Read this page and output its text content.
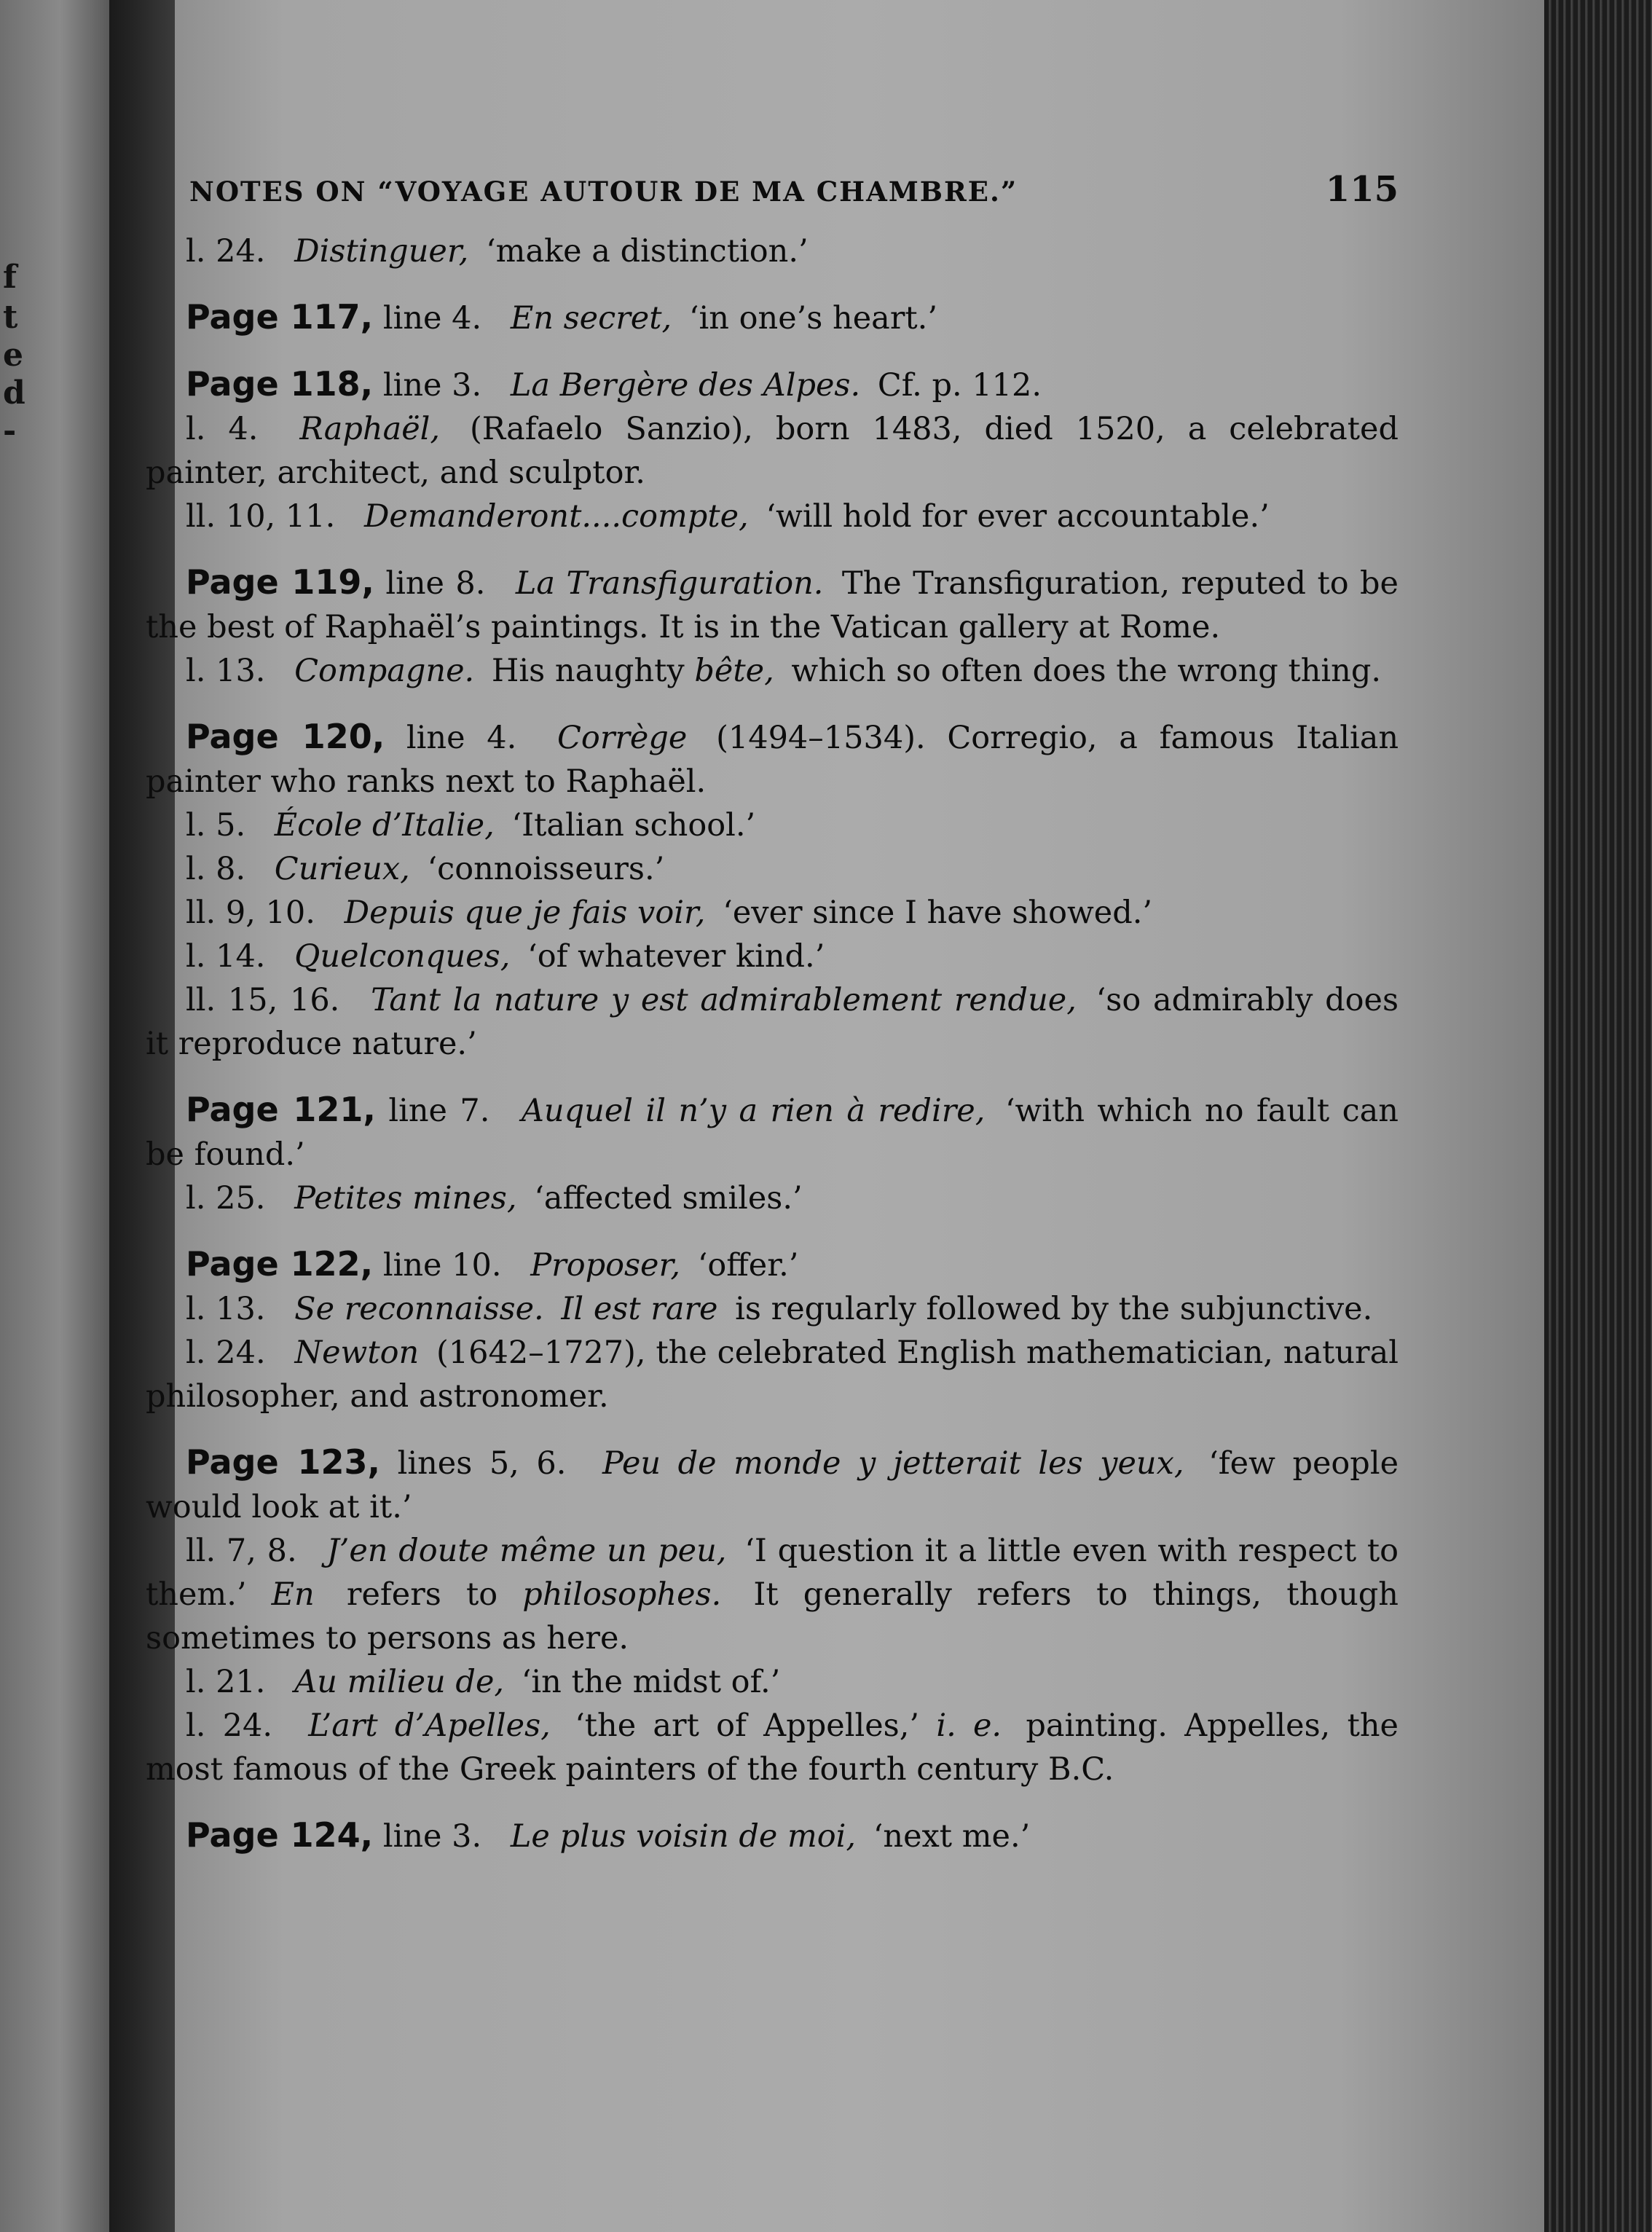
f
t
e
d
-
NOTES ON “VOYAGE AUTOUR DE MA CHAMBRE.”	115

l. 24. Distinguer, ‘make a distinction.’

Page 117, line 4. En secret, ‘in one’s heart.’

Page 118, line 3. La Bergère des Alpes. Cf. p. 112.

l. 4. Raphaël, (Rafaelo Sanzio), born 1483, died 1520, a celebrated painter, architect, and sculptor.

ll. 10, 11. Demanderont....compte, ‘will hold for ever accountable.’

Page 119, line 8. La Transfiguration. The Transfiguration, reputed to be the best of Raphaël’s paintings. It is in the Vatican gallery at Rome.

l. 13. Compagne. His naughty bête, which so often does the wrong thing.

Page 120, line 4. Corrège (1494–1534). Corregio, a famous Italian painter who ranks next to Raphaël.

l. 5. École d’Italie, ‘Italian school.’

l. 8. Curieux, ‘connoisseurs.’

ll. 9, 10. Depuis que je fais voir, ‘ever since I have showed.’

l. 14. Quelconques, ‘of whatever kind.’

ll. 15, 16. Tant la nature y est admirablement rendue, ‘so admirably does it reproduce nature.’

Page 121, line 7. Auquel il n’y a rien à redire, ‘with which no fault can be found.’

l. 25. Petites mines, ‘affected smiles.’

Page 122, line 10. Proposer, ‘offer.’

l. 13. Se reconnaisse. Il est rare is regularly followed by the subjunctive.

l. 24. Newton (1642–1727), the celebrated English mathematician, natural philosopher, and astronomer.

Page 123, lines 5, 6. Peu de monde y jetterait les yeux, ‘few people would look at it.’

ll. 7, 8. J’en doute même un peu, ‘I question it a little even with respect to them.’ En refers to philosophes. It generally refers to things, though sometimes to persons as here.

l. 21. Au milieu de, ‘in the midst of.’

l. 24. L’art d’Apelles, ‘the art of Appelles,’ i. e. painting. Appelles, the most famous of the Greek painters of the fourth century B.C.

Page 124, line 3. Le plus voisin de moi, ‘next me.’
